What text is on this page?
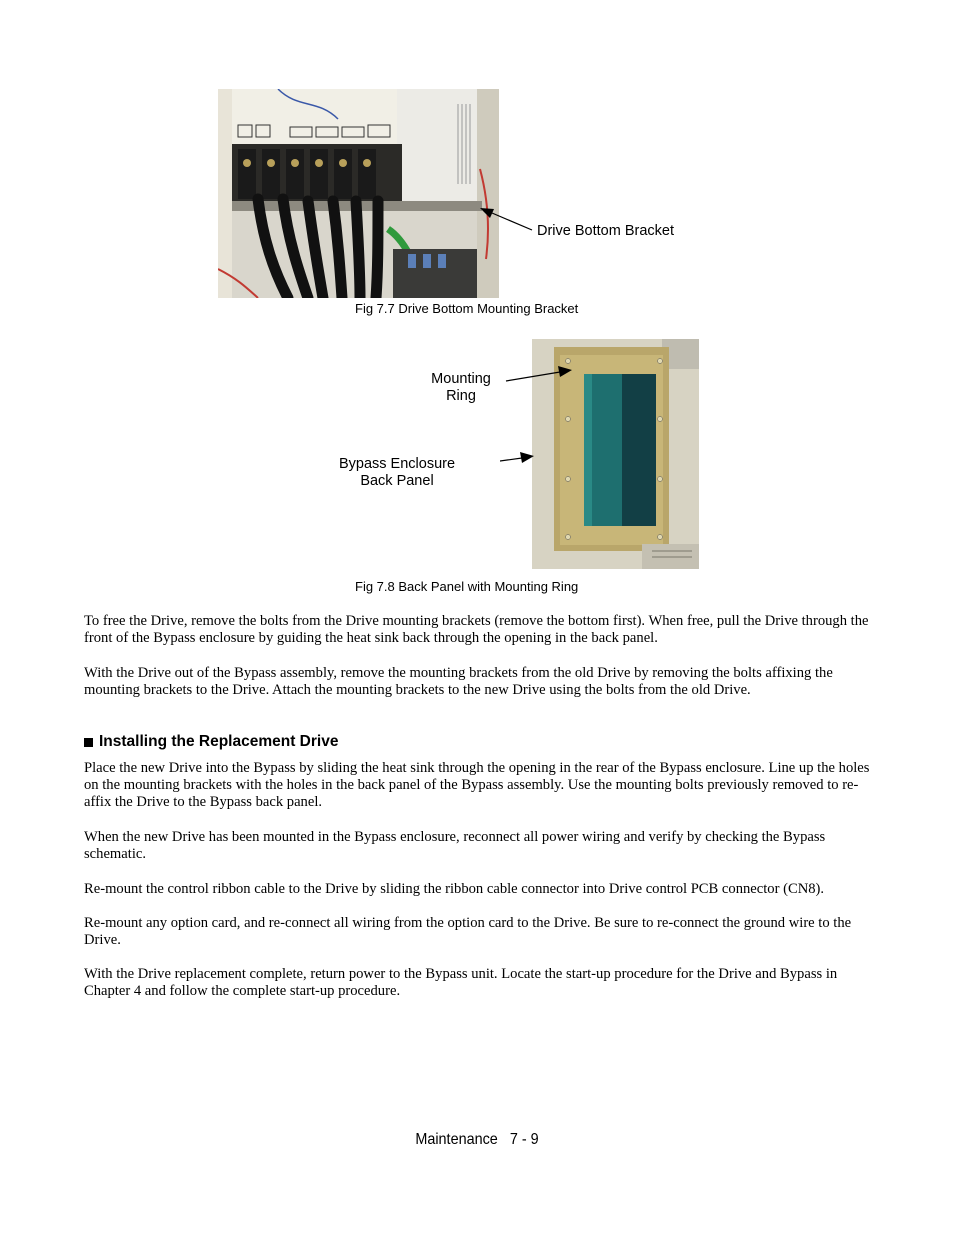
Drive Bottom Bracket
Fig 7.7 Drive Bottom Mounting Bracket
Mounting
Ring
Bypass Enclosure
Back Panel
Fig 7.8 Back Panel with Mounting Ring
To free the Drive, remove the bolts from the Drive mounting brackets (remove the bottom first). When free, pull the Drive through the front of the Bypass enclosure by guiding the heat sink back through the opening in the back panel.
With the Drive out of the Bypass assembly, remove the mounting brackets from the old Drive by removing the bolts affixing the mounting brackets to the Drive. Attach the mounting brackets to the new Drive using the bolts from the old Drive.
Installing the Replacement Drive
Place the new Drive into the Bypass by sliding the heat sink through the opening in the rear of the Bypass enclosure. Line up the holes on the mounting brackets with the holes in the back panel of the Bypass assembly. Use the mounting bolts previously removed to re-affix the Drive to the Bypass back panel.
When the new Drive has been mounted in the Bypass enclosure, reconnect all power wiring and verify by checking the Bypass schematic.
Re-mount the control ribbon cable to the Drive by sliding the ribbon cable connector into Drive control PCB connector (CN8).
Re-mount any option card, and re-connect all wiring from the option card to the Drive. Be sure to re-connect the ground wire to the Drive.
With the Drive replacement complete, return power to the Bypass unit. Locate the start-up procedure for the Drive and Bypass in Chapter 4 and follow the complete start-up procedure.
Maintenance 7 - 9
